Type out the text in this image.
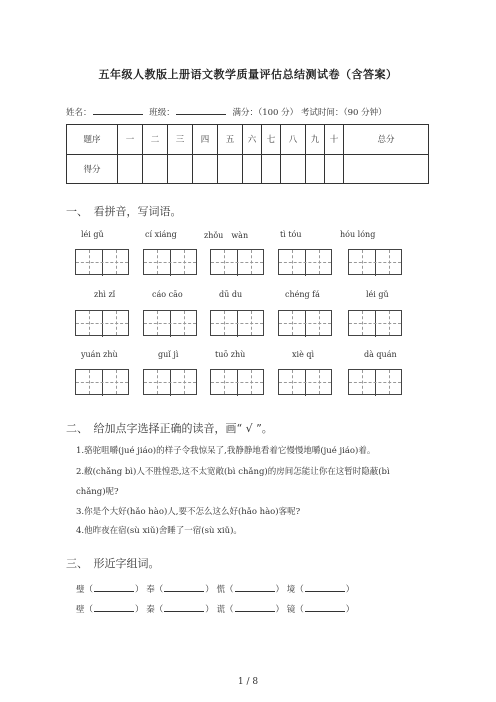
五年级人教版上册语文教学质量评估总结测试卷（含答案）
姓名：	班级：	满分：（100 分） 考试时间：（90 分钟）
题序	一	二	三	四	五	六	七	八	九	十	总分
得分											
一、　看拼音，写词语。
léi gǔ	cí xiáng	zhǒu　wàn	tì tóu	hóu lóng
zhì zǐ	cáo cāo	dū du	chéng fá	léi gǔ
yuán zhù	guǐ jì	tuō zhù	xiè qì	dà quán
二、　给加点字选择正确的读音，画“ √ ”。
1.骆驼咀嚼(jué jiáo)的样子令我惊呆了,我静静地看着它慢慢地嚼(jué jiáo)着。
2.敝(chǎng bì)人不胜惶恐,这不太宽敞(bì chǎng)的房间怎能让你在这暂时隐蔽(bì
chǎng)呢?
3.你是个大好(hǎo hào)人,要不怎么这么好(hǎo hào)客呢?
4.他昨夜在宿(sù xiǔ)舍睡了一宿(sù xiǔ)。
三、　形近字组词。
璧（	） 奉（	） 慌（	） 境（	）
壁（	） 秦（	） 谎（	） 镜（	）
1 / 8
